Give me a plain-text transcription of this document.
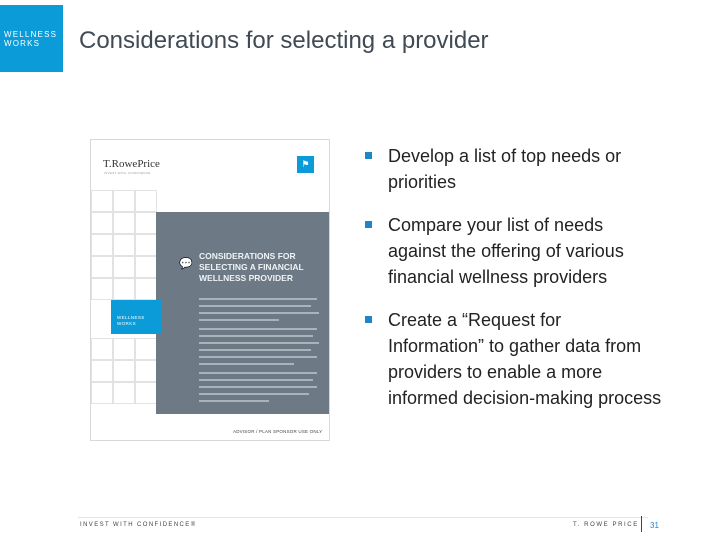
WELLNESS
WORKS	Considerations for selecting a provider
T.RowePrice
INVEST WITH CONFIDENCE
⚑
WELLNESS
WORKS
💬
CONSIDERATIONS FOR SELECTING A FINANCIAL WELLNESS PROVIDER
ADVISOR / PLAN SPONSOR USE ONLY
Develop a list of top needs or priorities
Compare your list of needs against the offering of various financial wellness providers
Create a “Request for Information” to gather data from providers to enable a more informed decision-making process
INVEST WITH CONFIDENCE®	T. ROWE PRICE 31
